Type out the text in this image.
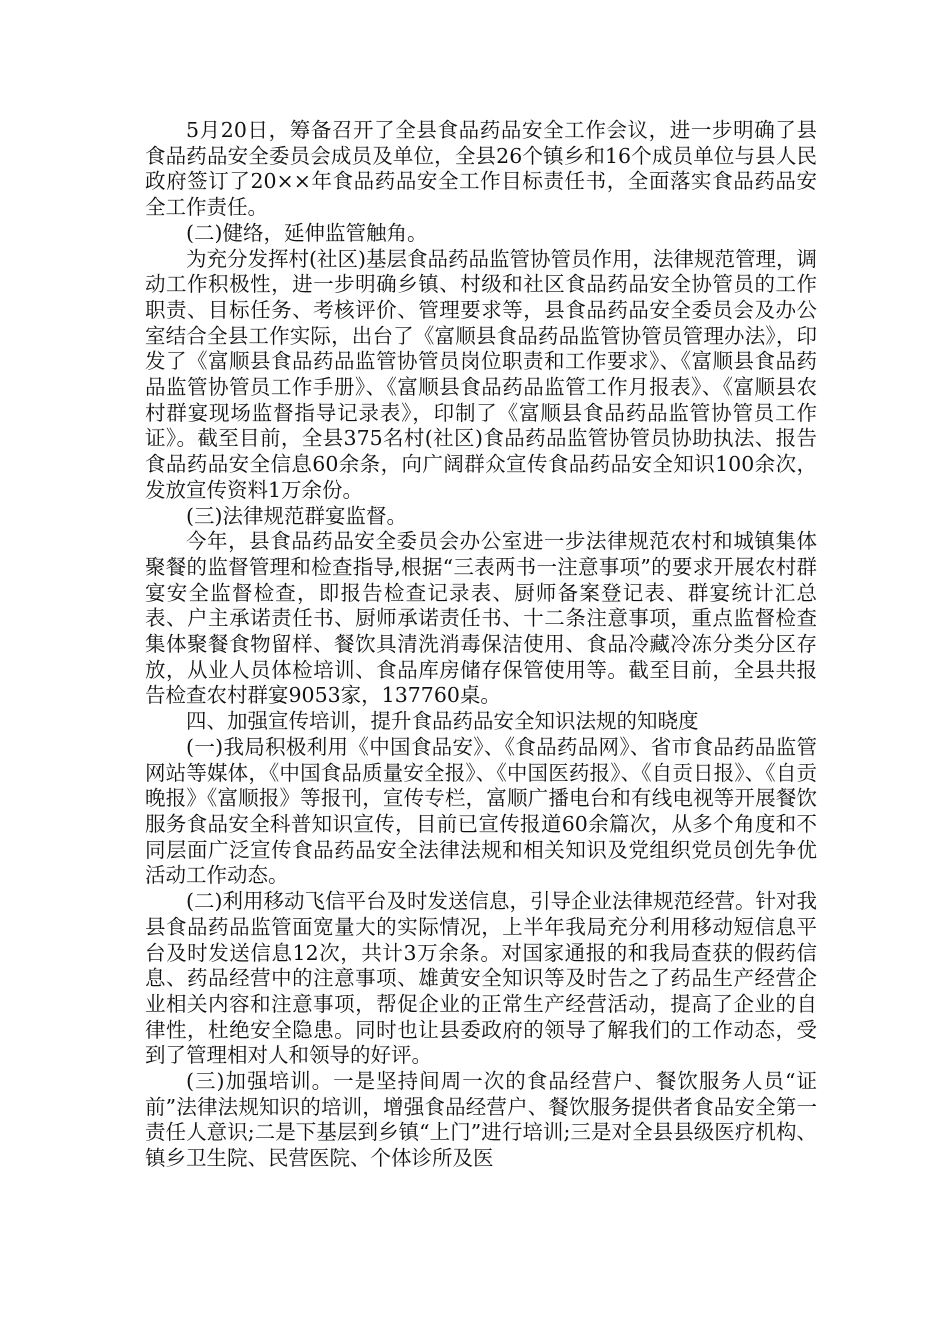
5月20日，筹备召开了全县食品药品安全工作会议，进一步明确了县食品药品安全委员会成员及单位，全县26个镇乡和16个成员单位与县人民政府签订了20××年食品药品安全工作目标责任书，全面落实食品药品安全工作责任。

(二)健络，延伸监管触角。

为充分发挥村(社区)基层食品药品监管协管员作用，法律规范管理，调动工作积极性，进一步明确乡镇、村级和社区食品药品安全协管员的工作职责、目标任务、考核评价、管理要求等，县食品药品安全委员会及办公室结合全县工作实际，出台了《富顺县食品药品监管协管员管理办法》，印发了《富顺县食品药品监管协管员岗位职责和工作要求》、《富顺县食品药品监管协管员工作手册》、《富顺县食品药品监管工作月报表》、《富顺县农村群宴现场监督指导记录表》，印制了《富顺县食品药品监管协管员工作证》。截至目前，全县375名村(社区)食品药品监管协管员协助执法、报告食品药品安全信息60余条，向广阔群众宣传食品药品安全知识100余次，发放宣传资料1万余份。

(三)法律规范群宴监督。

今年，县食品药品安全委员会办公室进一步法律规范农村和城镇集体聚餐的监督管理和检查指导,根据“三表两书一注意事项”的要求开展农村群宴安全监督检查，即报告检查记录表、厨师备案登记表、群宴统计汇总表、户主承诺责任书、厨师承诺责任书、十二条注意事项，重点监督检查集体聚餐食物留样、餐饮具清洗消毒保洁使用、食品冷藏冷冻分类分区存放，从业人员体检培训、食品库房储存保管使用等。截至目前，全县共报告检查农村群宴9053家，137760桌。

四、加强宣传培训，提升食品药品安全知识法规的知晓度

(一)我局积极利用《中国食品安》、《食品药品网》、省市食品药品监管网站等媒体，《中国食品质量安全报》、《中国医药报》、《自贡日报》、《自贡晚报》《富顺报》等报刊，宣传专栏，富顺广播电台和有线电视等开展餐饮服务食品安全科普知识宣传，目前已宣传报道60余篇次，从多个角度和不同层面广泛宣传食品药品安全法律法规和相关知识及党组织党员创先争优活动工作动态。

(二)利用移动飞信平台及时发送信息，引导企业法律规范经营。针对我县食品药品监管面宽量大的实际情况，上半年我局充分利用移动短信息平台及时发送信息12次，共计3万余条。对国家通报的和我局查获的假药信息、药品经营中的注意事项、雄黄安全知识等及时告之了药品生产经营企业相关内容和注意事项，帮促企业的正常生产经营活动，提高了企业的自律性，杜绝安全隐患。同时也让县委政府的领导了解我们的工作动态，受到了管理相对人和领导的好评。

(三)加强培训。一是坚持间周一次的食品经营户、餐饮服务人员“证前”法律法规知识的培训，增强食品经营户、餐饮服务提供者食品安全第一责任人意识;二是下基层到乡镇“上门”进行培训;三是对全县县级医疗机构、镇乡卫生院、民营医院、个体诊所及医
